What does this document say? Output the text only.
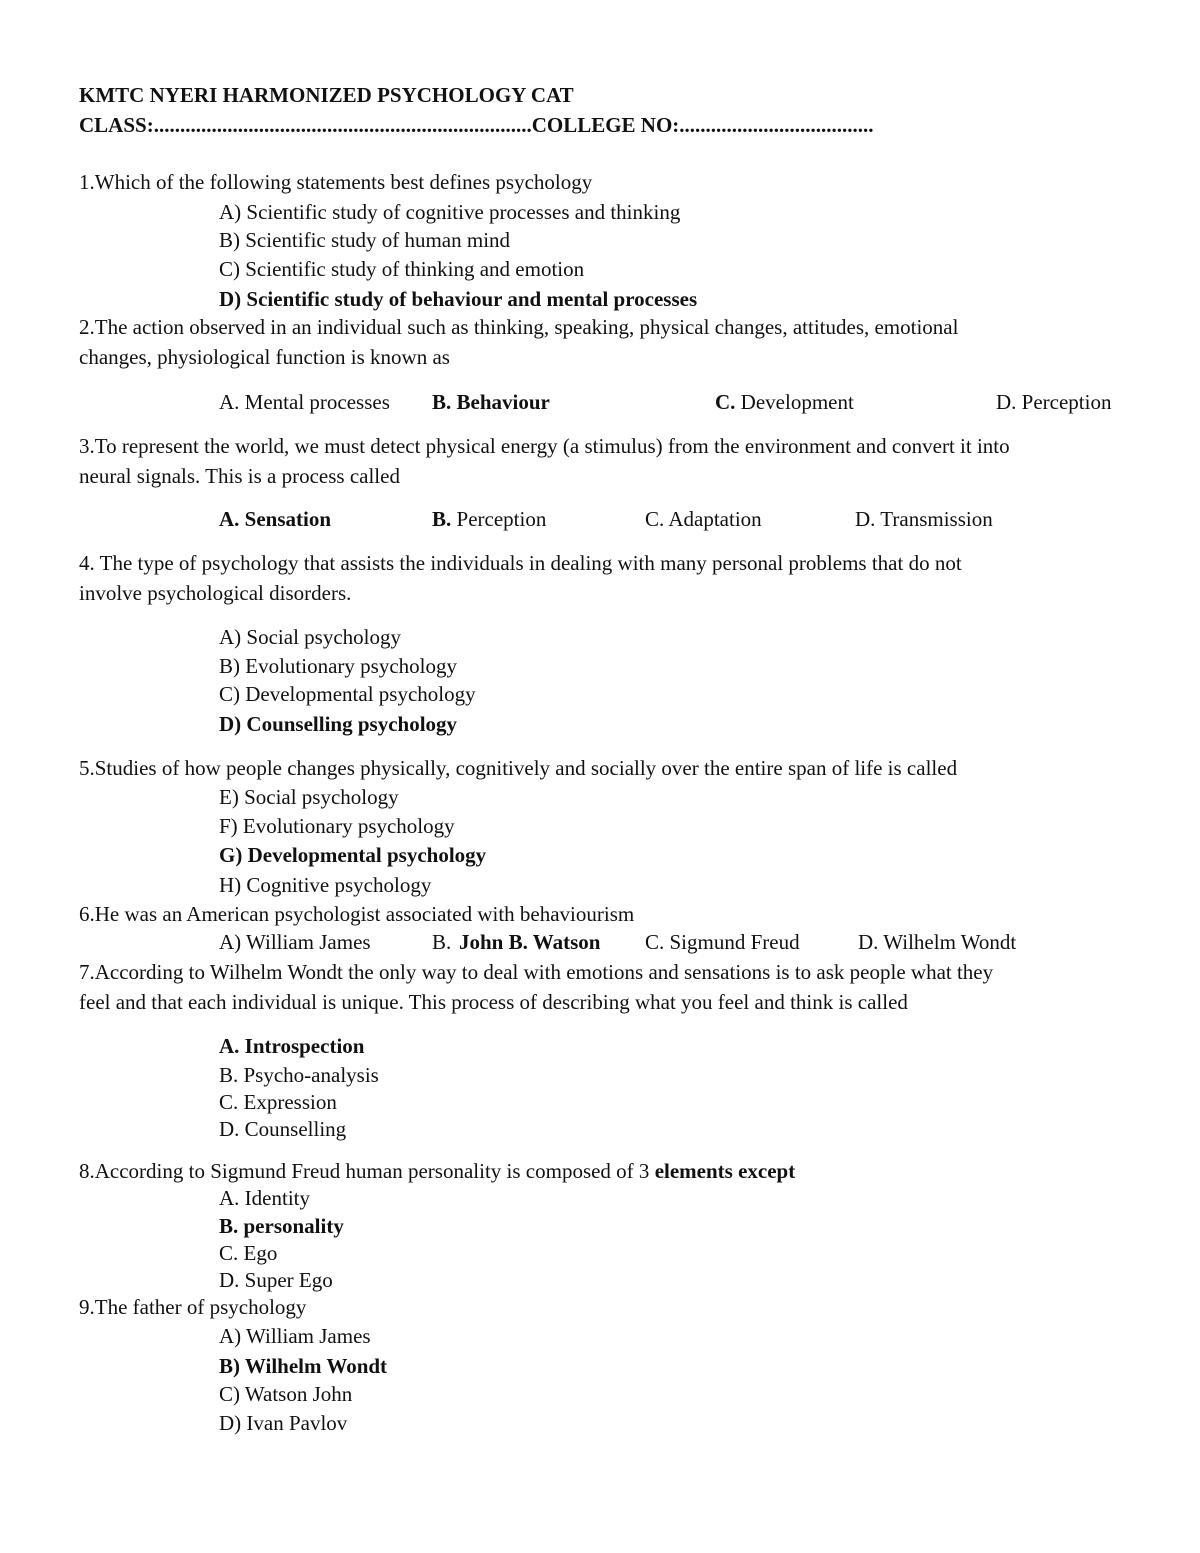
KMTC NYERI HARMONIZED PSYCHOLOGY CAT
CLASS:........................................................................COLLEGE NO:.....................................
1.Which of the following statements best defines psychology
A) Scientific study of cognitive processes and thinking
B) Scientific study of human mind
C) Scientific study of thinking and emotion
D) Scientific study of behaviour and mental processes
2.The action observed in an individual such as thinking, speaking, physical changes, attitudes, emotional
changes, physiological function is known as
A. Mental processes B. Behaviour	C. Development	D. Perception
3.To represent the world, we must detect physical energy (a stimulus) from the environment and convert it into
neural signals. This is a process called
A. Sensation	B. Perception	C. Adaptation	D. Transmission
4. The type of psychology that assists the individuals in dealing with many personal problems that do not
involve psychological disorders.
A) Social psychology
B) Evolutionary psychology
C) Developmental psychology
D) Counselling psychology
5.Studies of how people changes physically, cognitively and socially over the entire span of life is called
E) Social psychology
F) Evolutionary psychology
G) Developmental psychology
H) Cognitive psychology
6.He was an American psychologist associated with behaviourism
A) William James	B. John B. Watson C. Sigmund Freud	D. Wilhelm Wondt
7.According to Wilhelm Wondt the only way to deal with emotions and sensations is to ask people what they
feel and that each individual is unique. This process of describing what you feel and think is called
A. Introspection
B. Psycho-analysis
C. Expression
D. Counselling
8.According to Sigmund Freud human personality is composed of 3 elements except
A. Identity
B. personality
C. Ego
D. Super Ego
9.The father of psychology
A) William James
B) Wilhelm Wondt
C) Watson John
D) Ivan Pavlov
